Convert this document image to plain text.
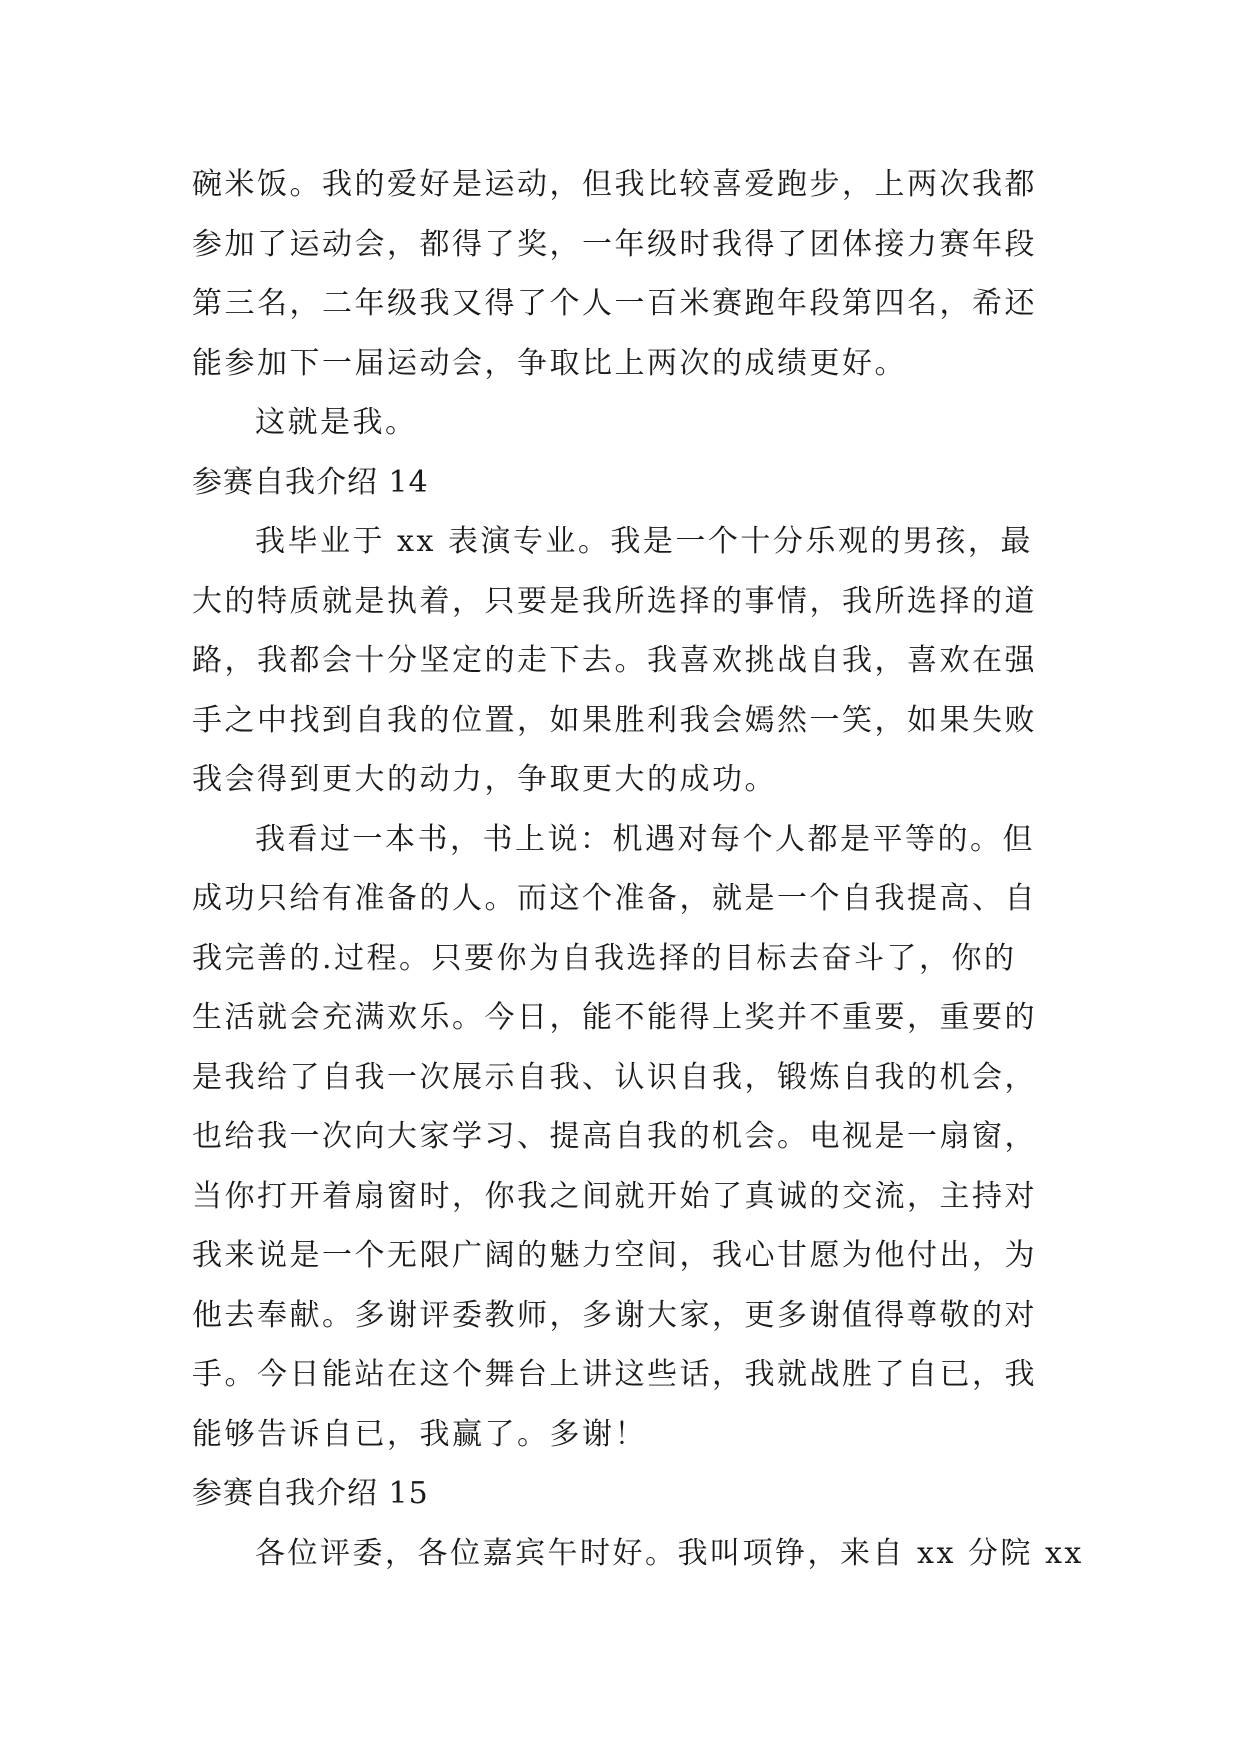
碗米饭。我的爱好是运动，但我比较喜爱跑步，上两次我都
参加了运动会，都得了奖，一年级时我得了团体接力赛年段
第三名，二年级我又得了个人一百米赛跑年段第四名，希还
能参加下一届运动会，争取比上两次的成绩更好。
这就是我。
参赛自我介绍 14
我毕业于 xx 表演专业。我是一个十分乐观的男孩，最
大的特质就是执着，只要是我所选择的事情，我所选择的道
路，我都会十分坚定的走下去。我喜欢挑战自我，喜欢在强
手之中找到自我的位置，如果胜利我会嫣然一笑，如果失败
我会得到更大的动力，争取更大的成功。
我看过一本书，书上说：机遇对每个人都是平等的。但
成功只给有准备的人。而这个准备，就是一个自我提高、自
我完善的.过程。只要你为自我选择的目标去奋斗了，你的
生活就会充满欢乐。今日，能不能得上奖并不重要，重要的
是我给了自我一次展示自我、认识自我，锻炼自我的机会，
也给我一次向大家学习、提高自我的机会。电视是一扇窗，
当你打开着扇窗时，你我之间就开始了真诚的交流，主持对
我来说是一个无限广阔的魅力空间，我心甘愿为他付出，为
他去奉献。多谢评委教师，多谢大家，更多谢值得尊敬的对
手。今日能站在这个舞台上讲这些话，我就战胜了自已，我
能够告诉自已，我赢了。多谢！
参赛自我介绍 15
各位评委，各位嘉宾午时好。我叫项铮，来自 xx 分院 xx
